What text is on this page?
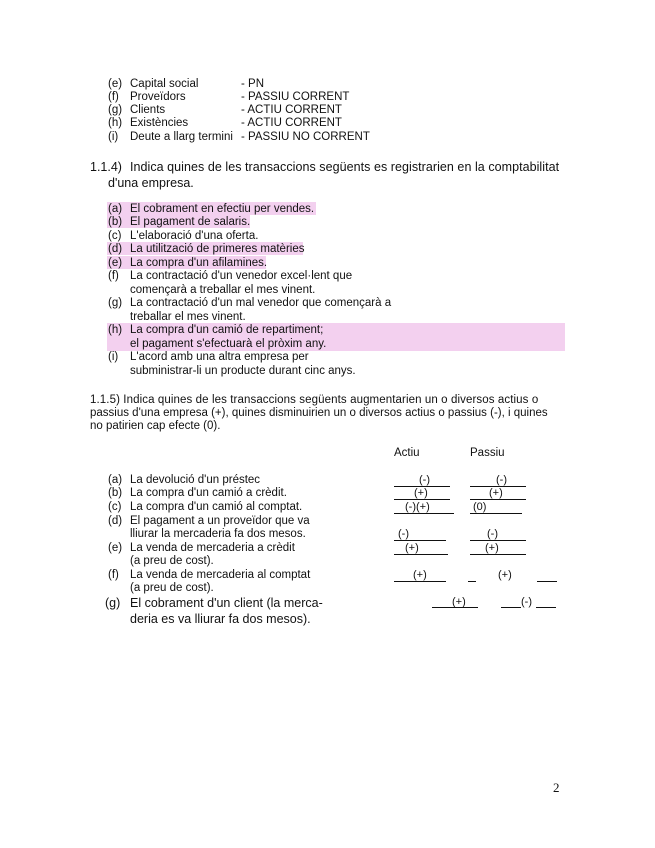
(e) Capital social	- PN
(f) Proveïdors	- PASSIU CORRENT
(g) Clients	- ACTIU CORRENT
(h) Existències	- ACTIU CORRENT
(i) Deute a llarg termini - PASSIU NO CORRENT
1.1.4) Indica quines de les transaccions següents es registrarien en la comptabilitat
d'una empresa.
(a) El cobrament en efectiu per vendes.
(b) El pagament de salaris.
(c) L'elaboració d'una oferta.
(d) La utilització de primeres matèries
(e) La compra d'un afilamines.
(f) La contractació d'un venedor excel·lent que
començarà a treballar el mes vinent.
(g) La contractació d'un mal venedor que començarà a
treballar el mes vinent.
(h) La compra d'un camió de repartiment;
el pagament s'efectuarà el pròxim any.
(i) L'acord amb una altra empresa per
subministrar-li un producte durant cinc anys.
1.1.5) Indica quines de les transaccions següents augmentarien un o diversos actius o
passius d'una empresa (+), quines disminuirien un o diversos actius o passius (-), i quines
no patirien cap efecte (0).
Actiu	Passiu
(a) La devolució d'un préstec	(-)	(-)
(b) La compra d'un camió a crèdit.	(+)	(+)
(c) La compra d'un camió al comptat.	(-)(+)	(0)
(d) El pagament a un proveïdor que va
lliurar la mercaderia fa dos mesos.	(-)	(-)
(e) La venda de mercaderia a crèdit
(a preu de cost).
(+)	(+)
(f) La venda de mercaderia al comptat
(a preu de cost).
(+)	(+)
(g) El cobrament d'un client (la merca-
deria es va lliurar fa dos mesos).
(+)	(-)
2
